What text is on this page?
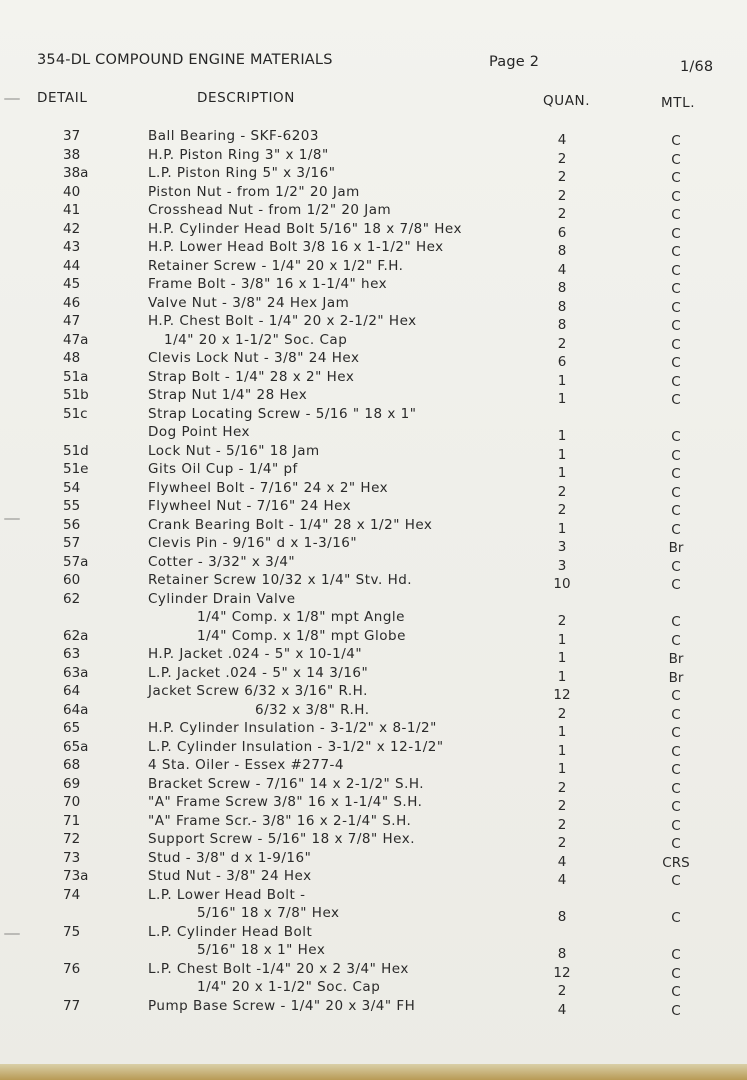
354-DL COMPOUND ENGINE MATERIALS	Page 2	1/68
DETAIL	DESCRIPTION	QUAN.	MTL.
37	Ball Bearing - SKF-6203	4	C
38	H.P. Piston Ring 3" x 1/8"	2	C
38a	L.P. Piston Ring 5" x 3/16"	2	C
40	Piston Nut - from 1/2" 20 Jam	2	C
41	Crosshead Nut - from 1/2" 20 Jam	2	C
42	H.P. Cylinder Head Bolt 5/16" 18 x 7/8" Hex	6	C
43	H.P. Lower Head Bolt 3/8 16 x 1-1/2" Hex	8	C
44	Retainer Screw - 1/4" 20 x 1/2" F.H.	4	C
45	Frame Bolt - 3/8" 16 x 1-1/4" hex	8	C
46	Valve Nut - 3/8" 24 Hex Jam	8	C
47	H.P. Chest Bolt - 1/4" 20 x 2-1/2" Hex	8	C
47a	1/4" 20 x 1-1/2" Soc. Cap	2	C
48	Clevis Lock Nut - 3/8" 24 Hex	6	C
51a	Strap Bolt - 1/4" 28 x 2" Hex	1	C
51b	Strap Nut 1/4" 28 Hex	1	C
51c	Strap Locating Screw - 5/16 " 18 x 1"
Dog Point Hex	1	C
51d	Lock Nut - 5/16" 18 Jam	1	C
51e	Gits Oil Cup - 1/4" pf	1	C
54	Flywheel Bolt - 7/16" 24 x 2" Hex	2	C
55	Flywheel Nut - 7/16" 24 Hex	2	C
56	Crank Bearing Bolt - 1/4" 28 x 1/2" Hex	1	C
57	Clevis Pin - 9/16" d x 1-3/16"	3	Br
57a	Cotter - 3/32" x 3/4"	3	C
60	Retainer Screw 10/32 x 1/4" Stv. Hd.	10	C
62	Cylinder Drain Valve
1/4" Comp. x 1/8" mpt Angle	2	C
62a	1/4" Comp. x 1/8" mpt Globe	1	C
63	H.P. Jacket .024 - 5" x 10-1/4"	1	Br
63a	L.P. Jacket .024 - 5" x 14 3/16"	1	Br
64	Jacket Screw 6/32 x 3/16" R.H.	12	C
64a	6/32 x 3/8" R.H.	2	C
65	H.P. Cylinder Insulation - 3-1/2" x 8-1/2"	1	C
65a	L.P. Cylinder Insulation - 3-1/2" x 12-1/2"	1	C
68	4 Sta. Oiler - Essex #277-4	1	C
69	Bracket Screw - 7/16" 14 x 2-1/2" S.H.	2	C
70	"A" Frame Screw 3/8" 16 x 1-1/4" S.H.	2	C
71	"A" Frame Scr.- 3/8" 16 x 2-1/4" S.H.	2	C
72	Support Screw - 5/16" 18 x 7/8" Hex.	2	C
73	Stud - 3/8" d x 1-9/16"	4	CRS
73a	Stud Nut - 3/8" 24 Hex	4	C
74	L.P. Lower Head Bolt -
5/16" 18 x 7/8" Hex	8	C
75	L.P. Cylinder Head Bolt
5/16" 18 x 1" Hex	8	C
76	L.P. Chest Bolt -1/4" 20 x 2 3/4" Hex	12	C
1/4" 20 x 1-1/2" Soc. Cap	2	C
77	Pump Base Screw - 1/4" 20 x 3/4" FH	4	C
